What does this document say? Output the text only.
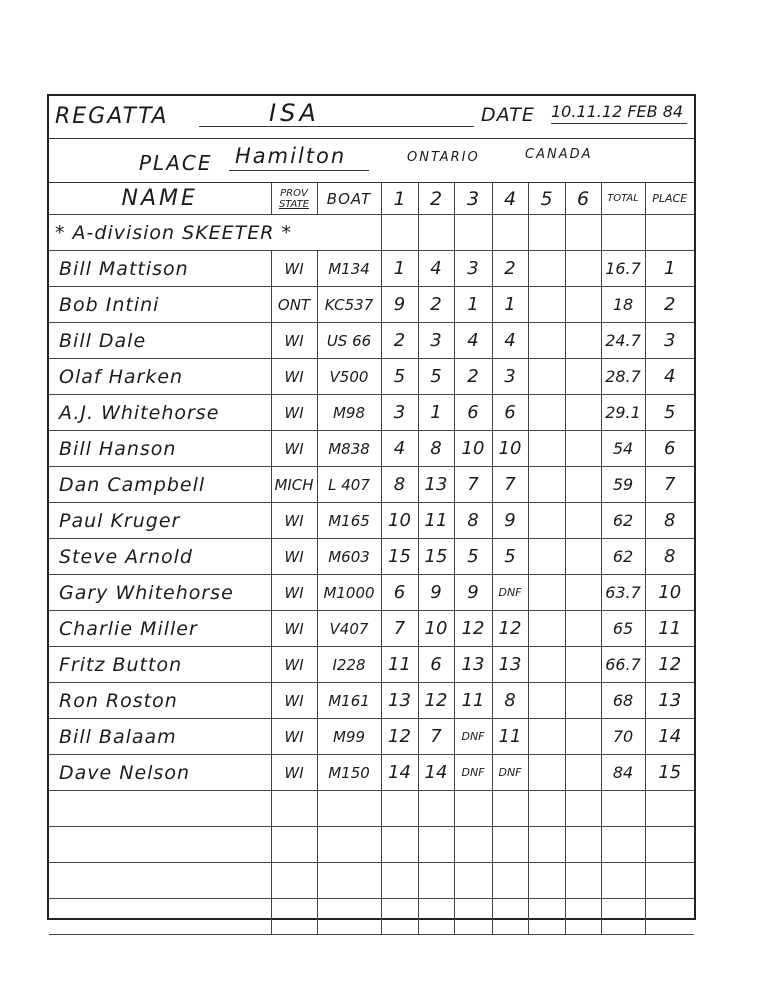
REGATTA	ISA	DATE 10.11.12 FEB 84
PLACE Hamilton	ONTARIO	CANADA
NAME	PROV
STATE	BOAT	1	2	3	4	5	6	TOTAL	PLACE
* A-division SKEETER *										
Bill Mattison	WI	M134	1	4	3	2			16.7	1
Bob Intini	ONT	KC537	9	2	1	1			18	2
Bill Dale	WI	US 66	2	3	4	4			24.7	3
Olaf Harken	WI	V500	5	5	2	3			28.7	4
A.J. Whitehorse	WI	M98	3	1	6	6			29.1	5
Bill Hanson	WI	M838	4	8	10	10			54	6
Dan Campbell	MICH	L 407	8	13	7	7			59	7
Paul Kruger	WI	M165	10	11	8	9			62	8
Steve Arnold	WI	M603	15	15	5	5			62	8
Gary Whitehorse	WI	M1000	6	9	9	DNF			63.7	10
Charlie Miller	WI	V407	7	10	12	12			65	11
Fritz Button	WI	I228	11	6	13	13			66.7	12
Ron Roston	WI	M161	13	12	11	8			68	13
Bill Balaam	WI	M99	12	7	DNF	11			70	14
Dave Nelson	WI	M150	14	14	DNF	DNF			84	15
